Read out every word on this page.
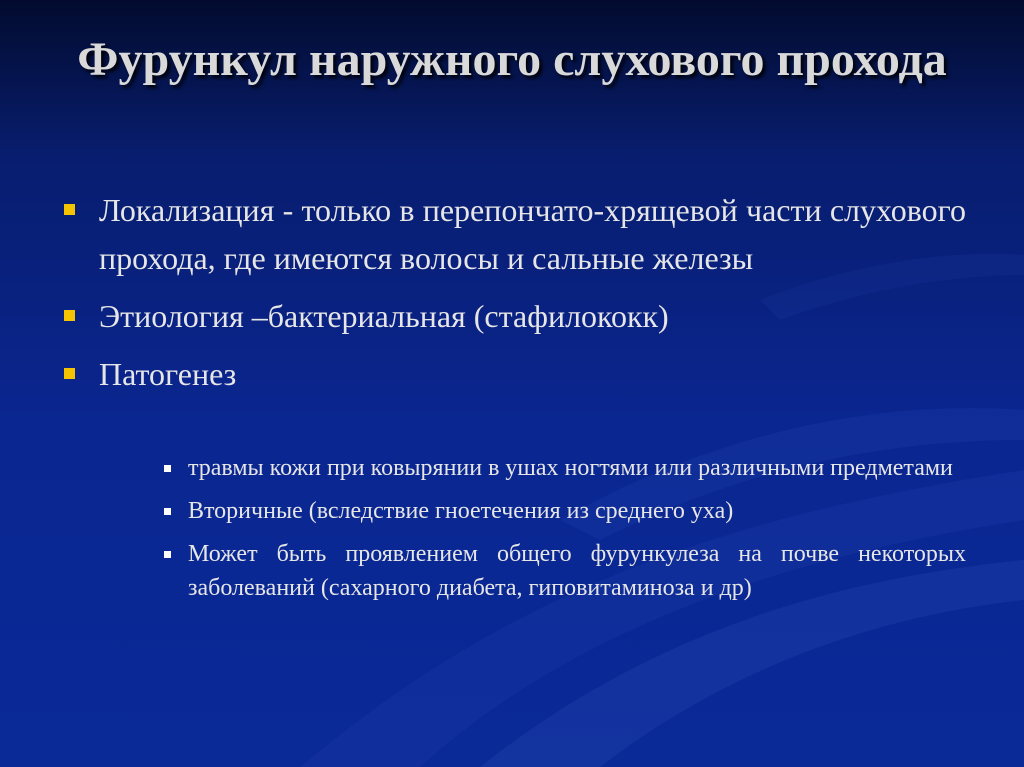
Фурункул наружного слухового прохода
Локализация - только в перепончато-хрящевой части слухового прохода, где имеются волосы и сальные железы
Этиология –бактериальная (стафилококк)
Патогенез
травмы кожи при ковырянии в ушах ногтями или различными предметами
Вторичные (вследствие гноетечения из среднего уха)
Может быть проявлением общего фурункулеза на почве некоторых заболеваний (сахарного диабета, гиповитаминоза и др)
